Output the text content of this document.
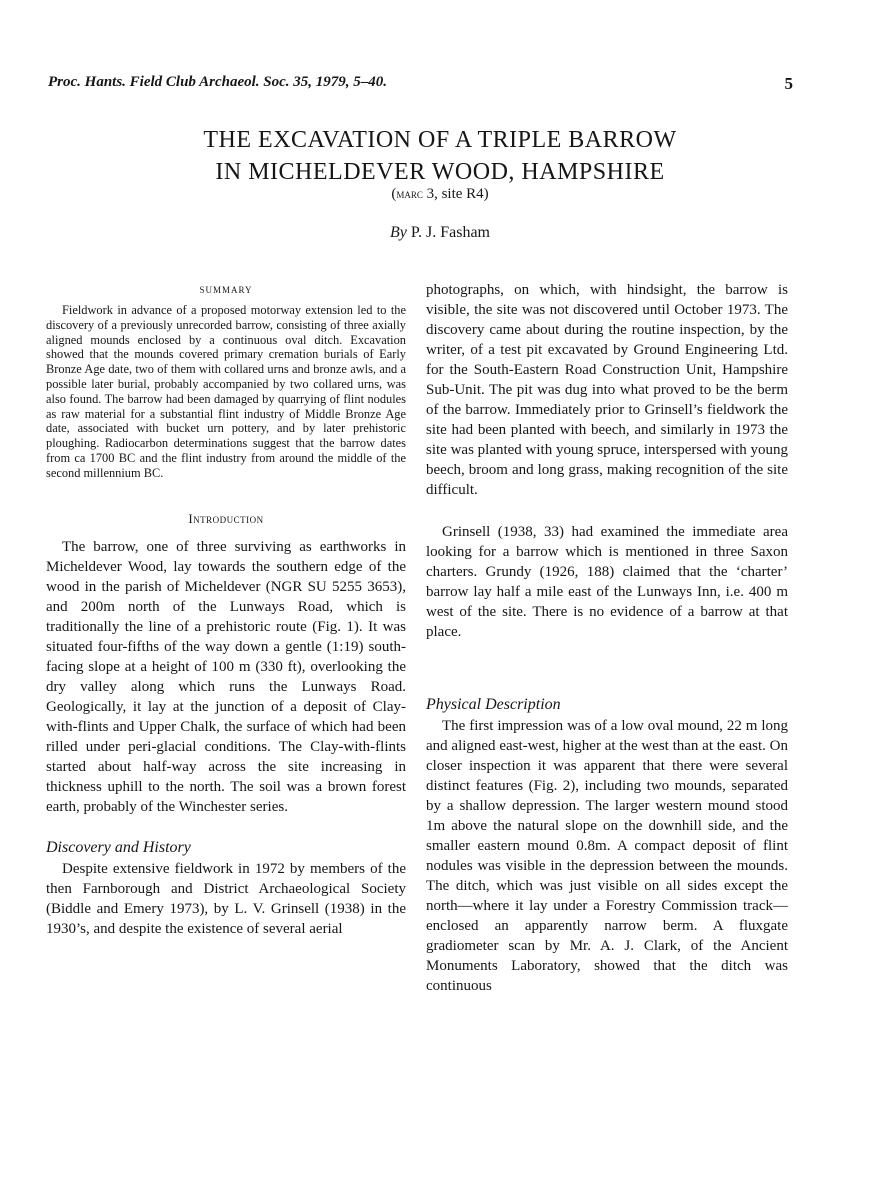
Proc. Hants. Field Club Archaeol. Soc. 35, 1979, 5–40.	5
THE EXCAVATION OF A TRIPLE BARROW
IN MICHELDEVER WOOD, HAMPSHIRE
(marc 3, site R4)
By P. J. Fasham
SUMMARY

Fieldwork in advance of a proposed motorway extension led to the discovery of a previously unrecorded barrow, consisting of three axially aligned mounds enclosed by a continuous oval ditch. Excavation showed that the mounds covered primary cremation burials of Early Bronze Age date, two of them with collared urns and bronze awls, and a possible later burial, probably accompanied by two collared urns, was also found. The barrow had been damaged by quarrying of flint nodules as raw material for a substantial flint industry of Middle Bronze Age date, associated with bucket urn pottery, and by later prehistoric ploughing. Radiocarbon determinations suggest that the barrow dates from ca 1700 BC and the flint industry from around the middle of the second millennium BC.

Introduction

The barrow, one of three surviving as earthworks in Micheldever Wood, lay towards the southern edge of the wood in the parish of Micheldever (NGR SU 5255 3653), and 200m north of the Lunways Road, which is traditionally the line of a prehistoric route (Fig. 1). It was situated four-fifths of the way down a gentle (1:19) south-facing slope at a height of 100 m (330 ft), overlooking the dry valley along which runs the Lunways Road. Geologically, it lay at the junction of a deposit of Clay-with-flints and Upper Chalk, the surface of which had been rilled under peri-glacial conditions. The Clay-with-flints started about half-way across the site increasing in thickness uphill to the north. The soil was a brown forest earth, probably of the Winchester series.

Discovery and History

Despite extensive fieldwork in 1972 by members of the then Farnborough and District Archaeological Society (Biddle and Emery 1973), by L. V. Grinsell (1938) in the 1930’s, and despite the existence of several aerial

photographs, on which, with hindsight, the barrow is visible, the site was not discovered until October 1973. The discovery came about during the routine inspection, by the writer, of a test pit excavated by Ground Engineering Ltd. for the South-Eastern Road Construction Unit, Hampshire Sub-Unit. The pit was dug into what proved to be the berm of the barrow. Immediately prior to Grinsell’s fieldwork the site had been planted with beech, and similarly in 1973 the site was planted with young spruce, interspersed with young beech, broom and long grass, making recognition of the site difficult.

Grinsell (1938, 33) had examined the immediate area looking for a barrow which is mentioned in three Saxon charters. Grundy (1926, 188) claimed that the ‘charter’ barrow lay half a mile east of the Lunways Inn, i.e. 400 m west of the site. There is no evidence of a barrow at that place.

Physical Description

The first impression was of a low oval mound, 22 m long and aligned east-west, higher at the west than at the east. On closer inspection it was apparent that there were several distinct features (Fig. 2), including two mounds, separated by a shallow depression. The larger western mound stood 1m above the natural slope on the downhill side, and the smaller eastern mound 0.8m. A compact deposit of flint nodules was visible in the depression between the mounds. The ditch, which was just visible on all sides except the north—where it lay under a Forestry Commission track—enclosed an apparently narrow berm. A fluxgate gradiometer scan by Mr. A. J. Clark, of the Ancient Monuments Laboratory, showed that the ditch was continuous
